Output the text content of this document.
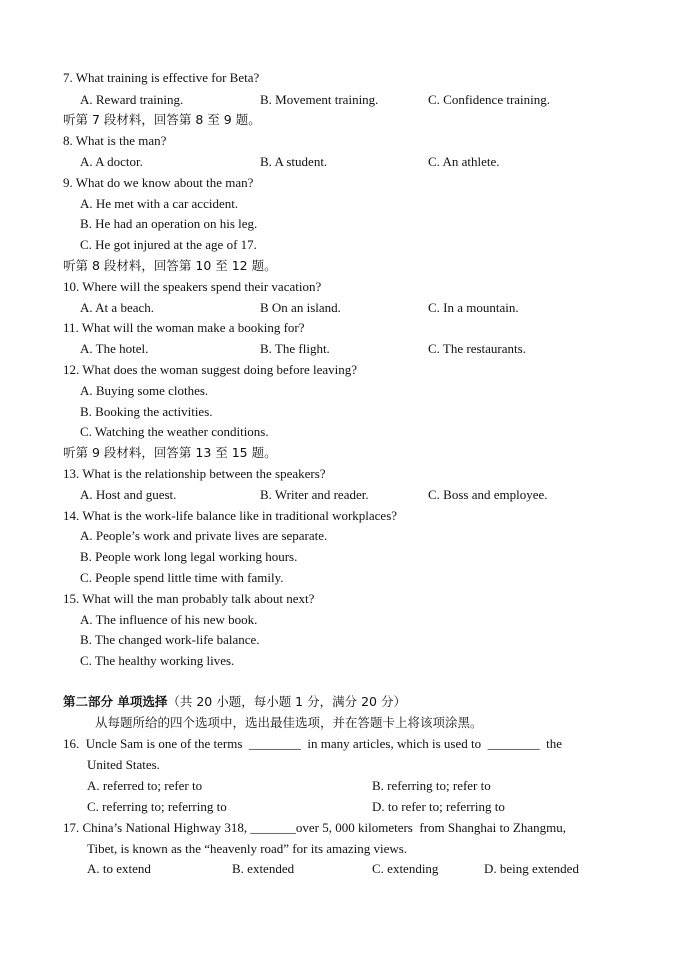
7. What training is effective for Beta?
A. Reward training.	B. Movement training.	C. Confidence training.
听第 7 段材料，回答第 8 至 9 题。
8. What is the man?
A. A doctor.	B. A student.	C. An athlete.
9. What do we know about the man?
A. He met with a car accident.
B. He had an operation on his leg.
C. He got injured at the age of 17.
听第 8 段材料，回答第 10 至 12 题。
10. Where will the speakers spend their vacation?
A. At a beach.	B On an island.	C. In a mountain.
11. What will the woman make a booking for?
A. The hotel.	B. The flight.	C. The restaurants.
12. What does the woman suggest doing before leaving?
A. Buying some clothes.
B. Booking the activities.
C. Watching the weather conditions.
听第 9 段材料，回答第 13 至 15 题。
13. What is the relationship between the speakers?
A. Host and guest.	B. Writer and reader.	C. Boss and employee.
14. What is the work-life balance like in traditional workplaces?
A. People’s work and private lives are separate.
B. People work long legal working hours.
C. People spend little time with family.
15. What will the man probably talk about next?
A. The influence of his new book.
B. The changed work-life balance.
C. The healthy working lives.
第二部分 单项选择（共 20 小题，每小题 1 分，满分 20 分）
从每题所给的四个选项中，选出最佳选项，并在答题卡上将该项涂黑。
16.  Uncle Sam is one of the terms  ________  in many articles, which is used to  ________  the
United States.
A. referred to; refer to	B. referring to; refer to
C. referring to; referring to	D. to refer to; referring to
17. China’s National Highway 318, _______over 5, 000 kilometers  from Shanghai to Zhangmu,
Tibet, is known as the “heavenly road” for its amazing views.
A. to extend	B. extended	C. extending	D. being extended
